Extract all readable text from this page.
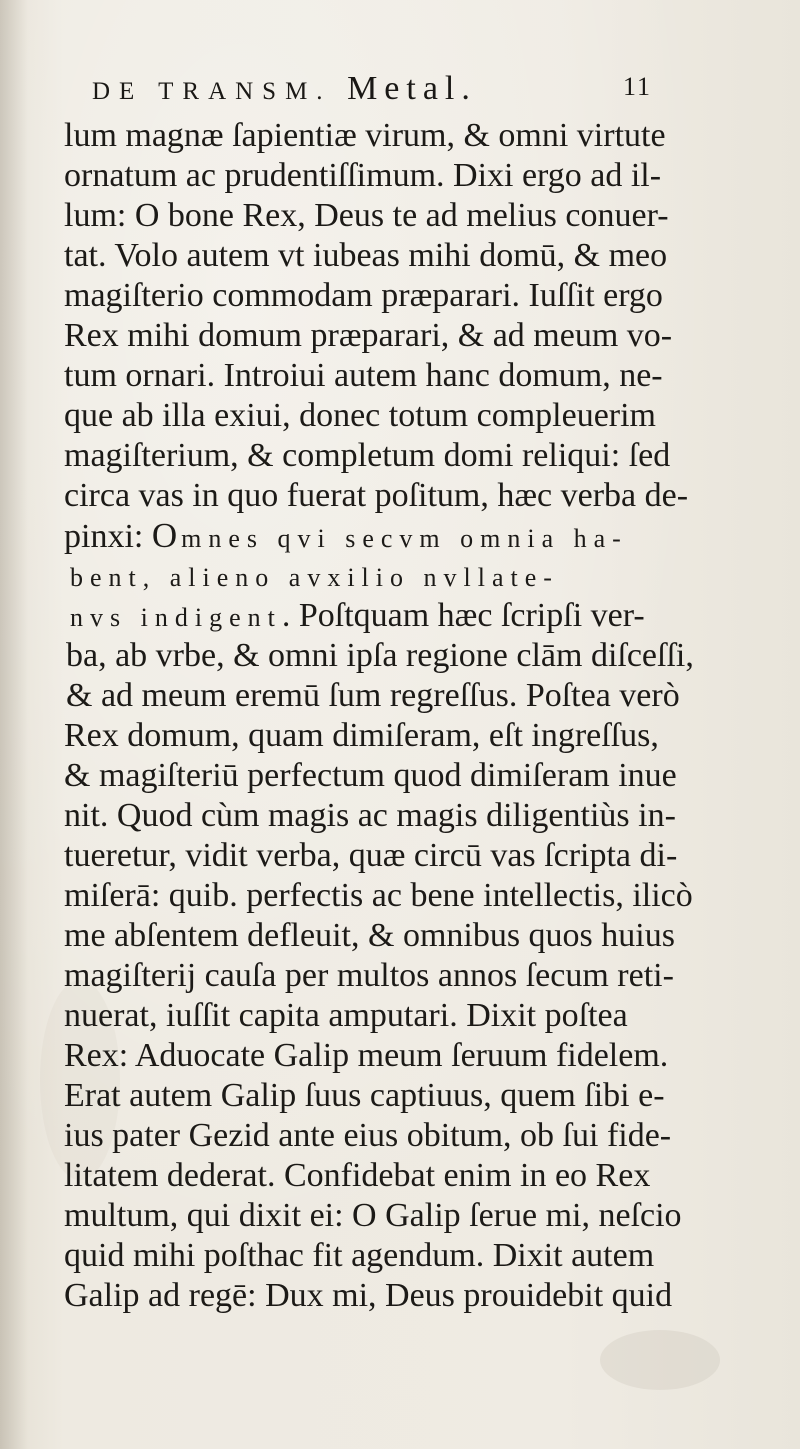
DE TRANSM. Metal.	11
lum magnæ ſapientiæ virum, & omni virtute
ornatum ac prudentiſſimum. Dixi ergo ad il-
lum: O bone Rex, Deus te ad melius conuer-
tat. Volo autem vt iubeas mihi domū, & meo
magiſterio commodam præparari. Iuſſit ergo
Rex mihi domum præparari, & ad meum vo-
tum ornari. Introiui autem hanc domum, ne-
que ab illa exiui, donec totum compleuerim
magiſterium, & completum domi reliqui: ſed
circa vas in quo fuerat poſitum, hæc verba de-
pinxi: Omnes qvi secvm omnia ha-
bent, alieno avxilio nvllate-
nvs indigent. Poſtquam hæc ſcripſi ver-
ba, ab vrbe, & omni ipſa regione clām diſceſſi,
& ad meum eremū ſum regreſſus. Poſtea verò
Rex domum, quam dimiſeram, eſt ingreſſus,
& magiſteriū perfectum quod dimiſeram inue
nit. Quod cùm magis ac magis diligentiùs in-
tueretur, vidit verba, quæ circū vas ſcripta di-
miſerā: quib. perfectis ac bene intellectis, ilicò
me abſentem defleuit, & omnibus quos huius
magiſterij cauſa per multos annos ſecum reti-
nuerat, iuſſit capita amputari. Dixit poſtea
Rex: Aduocate Galip meum ſeruum fidelem.
Erat autem Galip ſuus captiuus, quem ſibi e-
ius pater Gezid ante eius obitum, ob ſui fide-
litatem dederat. Confidebat enim in eo Rex
multum, qui dixit ei: O Galip ſerue mi, neſcio
quid mihi poſthac fit agendum. Dixit autem
Galip ad regē: Dux mi, Deus prouidebit quid
